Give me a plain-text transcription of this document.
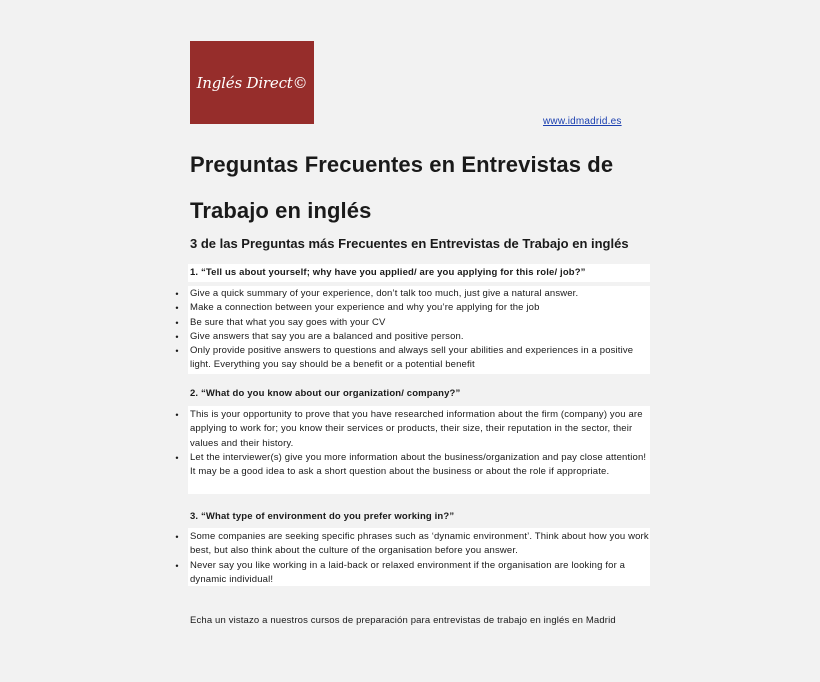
Inglés Direct©
www.idmadrid.es
Preguntas Frecuentes en Entrevistas de Trabajo en inglés
3 de las Preguntas más Frecuentes en Entrevistas de Trabajo en inglés
1. “Tell us about yourself; why have you applied/ are you applying for this role/ job?”
•	Give a quick summary of your experience, don’t talk too much, just give a natural answer.
•	Make a connection between your experience and why you’re applying for the job
•	Be sure that what you say goes with your CV
•	Give answers that say you are a balanced and positive person.
•	Only provide positive answers to questions and always sell your abilities and experiences in a positive light. Everything you say should be a benefit or a potential benefit
2. “What do you know about our organization/ company?”
•	This is your opportunity to prove that you have researched information about the firm (company) you are applying to work for; you know their services or products, their size, their reputation in the sector, their values and their history.
•	Let the interviewer(s) give you more information about the business/organization and pay close attention! It may be a good idea to ask a short question about the business or about the role if appropriate.
3. “What type of environment do you prefer working in?”
•	Some companies are seeking specific phrases such as ‘dynamic environment’. Think about how you work best, but also think about the culture of the organisation before you answer.
•	Never say you like working in a laid-back or relaxed environment if the organisation are looking for a dynamic individual!
Echa un vistazo a nuestros cursos de preparación para entrevistas de trabajo en inglés en Madrid
